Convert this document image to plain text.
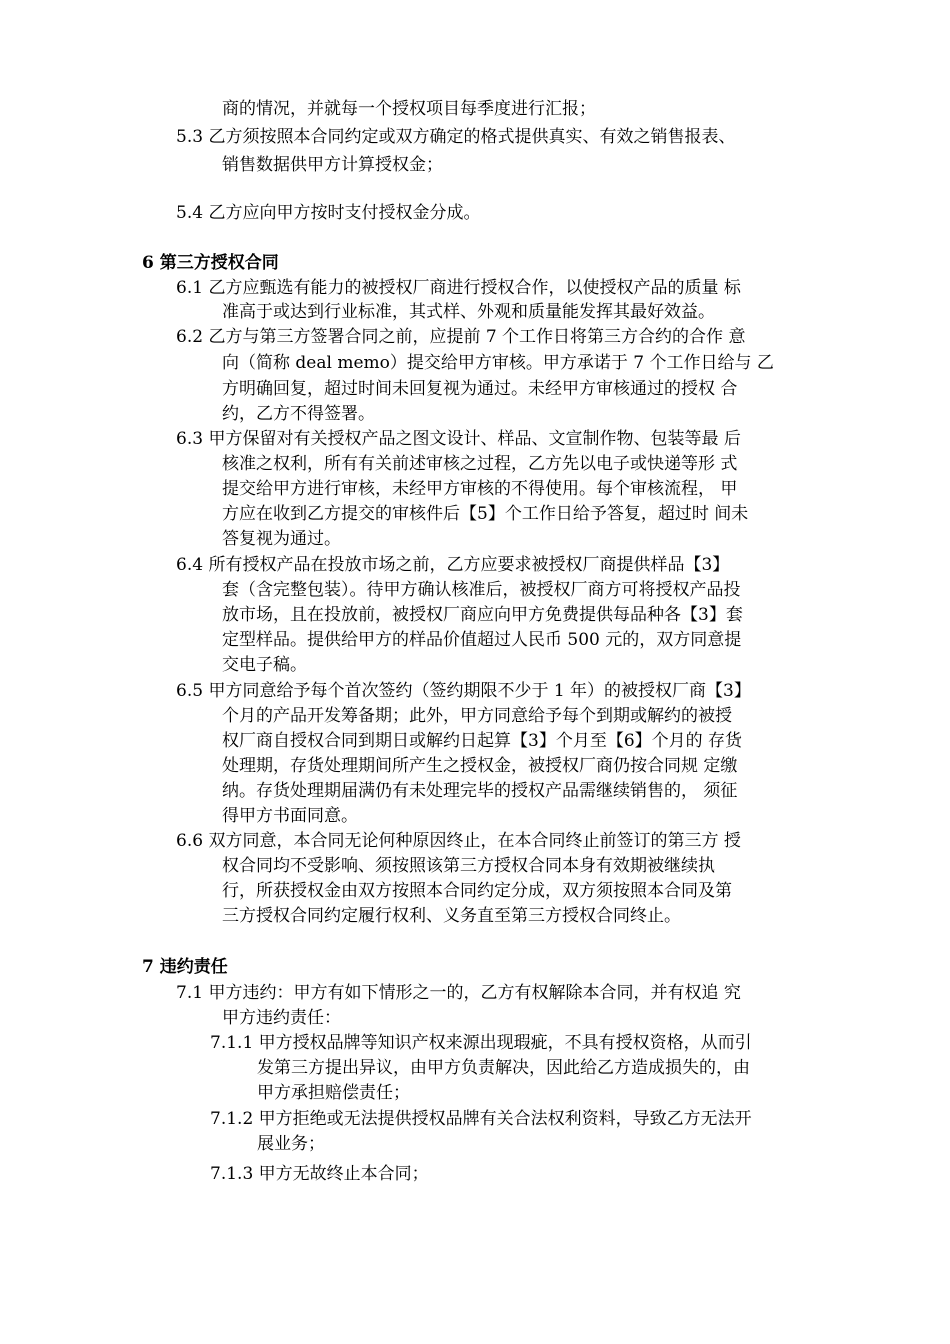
商的情况，并就每一个授权项目每季度进行汇报；
5.3 乙方须按照本合同约定或双方确定的格式提供真实、有效之销售报表、
销售数据供甲方计算授权金；
5.4 乙方应向甲方按时支付授权金分成。
6 第三方授权合同
6.1 乙方应甄选有能力的被授权厂商进行授权合作，以使授权产品的质量 标
准高于或达到行业标准，其式样、外观和质量能发挥其最好效益。
6.2 乙方与第三方签署合同之前，应提前 7 个工作日将第三方合约的合作 意
向（简称 deal memo）提交给甲方审核。甲方承诺于 7 个工作日给与 乙
方明确回复，超过时间未回复视为通过。未经甲方审核通过的授权 合
约，乙方不得签署。
6.3 甲方保留对有关授权产品之图文设计、样品、文宣制作物、包装等最 后
核准之权利，所有有关前述审核之过程，乙方先以电子或快递等形 式
提交给甲方进行审核，未经甲方审核的不得使用。每个审核流程， 甲
方应在收到乙方提交的审核件后【5】个工作日给予答复，超过时 间未
答复视为通过。
6.4 所有授权产品在投放市场之前，乙方应要求被授权厂商提供样品【3】
套（含完整包装）。待甲方确认核准后，被授权厂商方可将授权产品投
放市场，且在投放前，被授权厂商应向甲方免费提供每品种各【3】套
定型样品。提供给甲方的样品价值超过人民币 500 元的，双方同意提
交电子稿。
6.5 甲方同意给予每个首次签约（签约期限不少于 1 年）的被授权厂商【3】
个月的产品开发筹备期；此外，甲方同意给予每个到期或解约的被授
权厂商自授权合同到期日或解约日起算【3】个月至【6】个月的 存货
处理期，存货处理期间所产生之授权金，被授权厂商仍按合同规 定缴
纳。存货处理期届满仍有未处理完毕的授权产品需继续销售的， 须征
得甲方书面同意。
6.6 双方同意，本合同无论何种原因终止，在本合同终止前签订的第三方 授
权合同均不受影响、须按照该第三方授权合同本身有效期被继续执
行，所获授权金由双方按照本合同约定分成，双方须按照本合同及第
三方授权合同约定履行权利、义务直至第三方授权合同终止。
7 违约责任
7.1 甲方违约：甲方有如下情形之一的，乙方有权解除本合同，并有权追 究
甲方违约责任：
7.1.1 甲方授权品牌等知识产权来源出现瑕疵，不具有授权资格，从而引
发第三方提出异议，由甲方负责解决，因此给乙方造成损失的，由
甲方承担赔偿责任；
7.1.2 甲方拒绝或无法提供授权品牌有关合法权利资料，导致乙方无法开
展业务；
7.1.3 甲方无故终止本合同；
